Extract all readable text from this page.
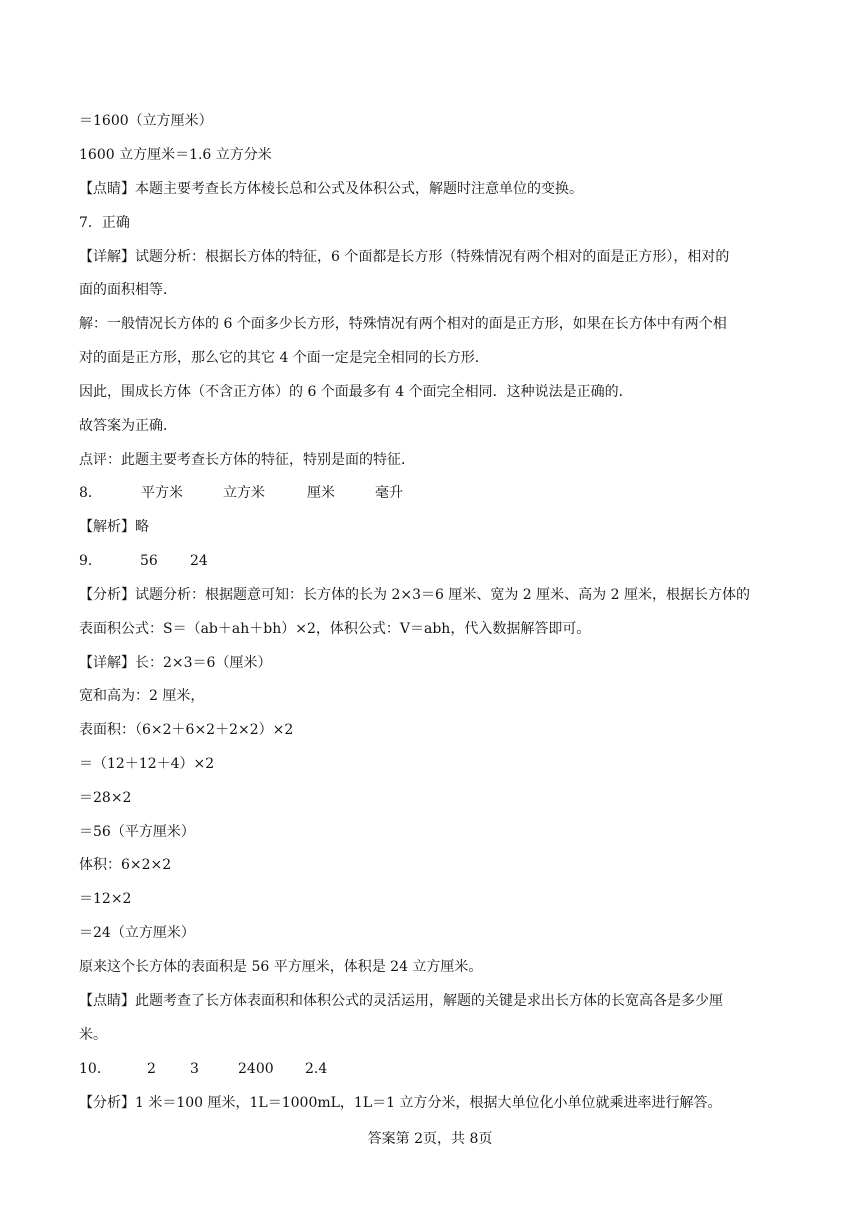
＝1600（立方厘米）
1600 立方厘米＝1.6 立方分米
【点睛】本题主要考查长方体棱长总和公式及体积公式，解题时注意单位的变换。
7．正确
【详解】试题分析：根据长方体的特征，6 个面都是长方形（特殊情况有两个相对的面是正方形），相对的
面的面积相等．
解：一般情况长方体的 6 个面多少长方形，特殊情况有两个相对的面是正方形，如果在长方体中有两个相
对的面是正方形，那么它的其它 4 个面一定是完全相同的长方形．
因此，围成长方体（不含正方体）的 6 个面最多有 4 个面完全相同．这种说法是正确的．
故答案为正确．
点评：此题主要考查长方体的特征，特别是面的特征．
8．	平方米	立方米	厘米	毫升
【解析】略
9．	56 24
【分析】试题分析：根据题意可知：长方体的长为 2×3＝6 厘米、宽为 2 厘米、高为 2 厘米，根据长方体的
表面积公式：S＝（ab＋ah＋bh）×2，体积公式：V＝abh，代入数据解答即可。
【详解】长：2×3＝6（厘米）
宽和高为：2 厘米，
表面积：（6×2＋6×2＋2×2）×2
＝（12＋12＋4）×2
＝28×2
＝56（平方厘米）
体积：6×2×2
＝12×2
＝24（立方厘米）
原来这个长方体的表面积是 56 平方厘米，体积是 24 立方厘米。
【点睛】此题考查了长方体表面积和体积公式的灵活运用，解题的关键是求出长方体的长宽高各是多少厘
米。
10．	2 3	2400 2.4
【分析】1 米＝100 厘米，1L＝1000mL，1L＝1 立方分米，根据大单位化小单位就乘进率进行解答。
答案第 2页，共 8页
